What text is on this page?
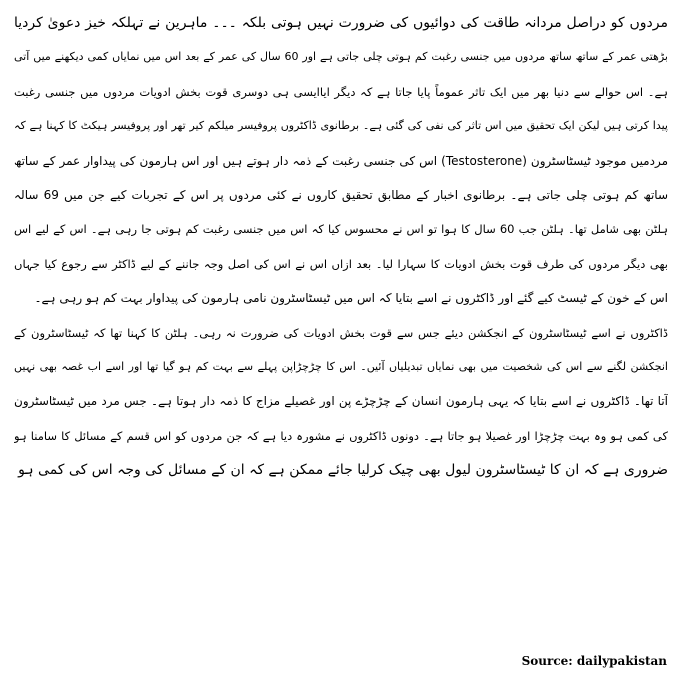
مردوں کو دراصل مردانہ طاقت کی دوائیوں کی ضرورت نہیں ہوتی بلکہ ۔۔۔ ماہرین نے تہلکہ خیز دعویٰ کردیا
بڑھتی عمر کے ساتھ ساتھ مردوں میں جنسی رغبت کم ہوتی چلی جاتی ہے اور 60 سال کی عمر کے بعد اس میں نمایاں کمی دیکھنے میں آتی
ہے۔ اس حوالے سے دنیا بھر میں ایک تاثر عموماً پایا جاتا ہے کہ دیگر ایاایسی ہی دوسری قوت بخش ادویات مردوں میں جنسی رغبت
پیدا کرتی ہیں لیکن ایک تحقیق میں اس تاثر کی نفی کی گئی ہے۔ برطانوی ڈاکٹروں پروفیسر میلکم کیر تھر اور پروفیسر ہیکٹ کا کہنا ہے کہ
مردمیں موجود ٹیسٹاسٹرون (Testosterone) اس کی جنسی رغبت کے ذمہ دار ہوتے ہیں اور اس ہارمون کی پیداوار عمر کے ساتھ
ساتھ کم ہوتی چلی جاتی ہے۔ برطانوی اخبار کے مطابق تحقیق کاروں نے کئی مردوں پر اس کے تجربات کیے جن میں 69 سالہ
ہلٹن بھی شامل تھا۔ ہلٹن جب 60 سال کا ہوا تو اس نے محسوس کیا کہ اس میں جنسی رغبت کم ہوتی جا رہی ہے۔ اس کے لیے اس
بھی دیگر مردوں کی طرف قوت بخش ادویات کا سہارا لیا۔ بعد ازاں اس نے اس کی اصل وجہ جاننے کے لیے ڈاکٹر سے رجوع کیا جہاں
اس کے خون کے ٹیسٹ کیے گئے اور ڈاکٹروں نے اسے بتایا کہ اس میں ٹیسٹاسٹرون نامی ہارمون کی پیداوار بہت کم ہو رہی ہے۔
ڈاکٹروں نے اسے ٹیسٹاسٹرون کے انجکشن دیئے جس سے قوت بخش ادویات کی ضرورت نہ رہی۔ ہلٹن کا کہنا تھا کہ ٹیسٹاسٹرون کے
انجکشن لگنے سے اس کی شخصیت میں بھی نمایاں تبدیلیاں آئیں۔ اس کا چڑچڑاپن پہلے سے بہت کم ہو گیا تھا اور اسے اب غصہ بھی نہیں
آتا تھا۔ ڈاکٹروں نے اسے بتایا کہ یہی ہارمون انسان کے چڑچڑے پن اور غصیلے مزاج کا ذمہ دار ہوتا ہے۔ جس مرد میں ٹیسٹاسٹرون
کی کمی ہو وہ بہت چڑچڑا اور غصیلا ہو جاتا ہے۔ دونوں ڈاکٹروں نے مشورہ دیا ہے کہ جن مردوں کو اس قسم کے مسائل کا سامنا ہو
ضروری ہے کہ ان کا ٹیسٹاسٹرون لیول بھی چیک کرلیا جائے ممکن ہے کہ ان کے مسائل کی وجہ اس کی کمی ہو
Source: dailypakistan
